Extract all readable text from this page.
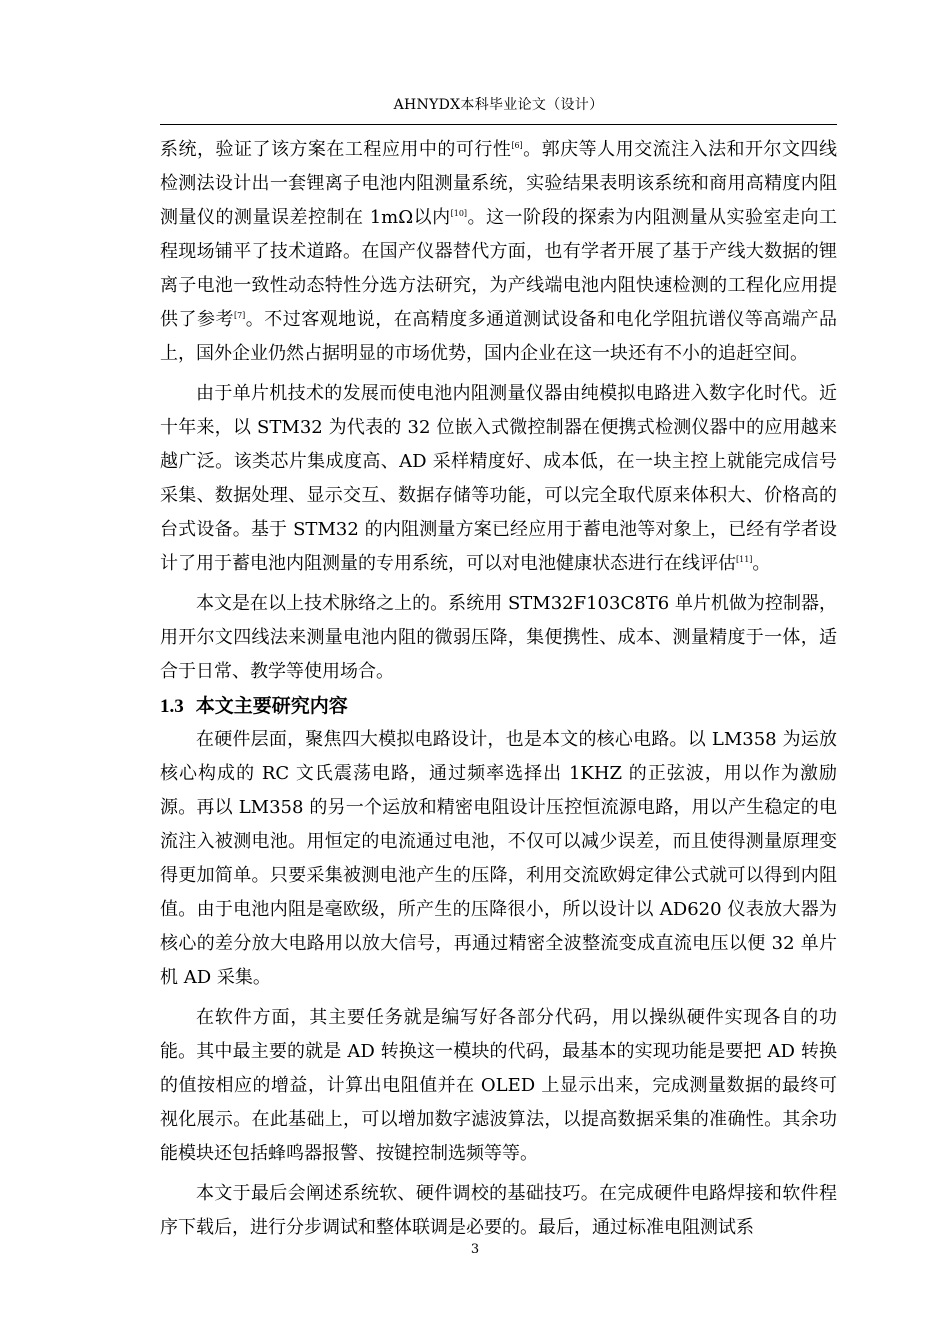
AHNYDX本科毕业论文（设计）

系统，验证了该方案在工程应用中的可行性[6]。郭庆等人用交流注入法和开尔文四线检测法设计出一套锂离子电池内阻测量系统，实验结果表明该系统和商用高精度内阻测量仪的测量误差控制在 1mΩ以内[10]。这一阶段的探索为内阻测量从实验室走向工程现场铺平了技术道路。在国产仪器替代方面，也有学者开展了基于产线大数据的锂离子电池一致性动态特性分选方法研究，为产线端电池内阻快速检测的工程化应用提供了参考[7]。不过客观地说，在高精度多通道测试设备和电化学阻抗谱仪等高端产品上，国外企业仍然占据明显的市场优势，国内企业在这一块还有不小的追赶空间。

由于单片机技术的发展而使电池内阻测量仪器由纯模拟电路进入数字化时代。近十年来，以 STM32 为代表的 32 位嵌入式微控制器在便携式检测仪器中的应用越来越广泛。该类芯片集成度高、AD 采样精度好、成本低，在一块主控上就能完成信号采集、数据处理、显示交互、数据存储等功能，可以完全取代原来体积大、价格高的台式设备。基于 STM32 的内阻测量方案已经应用于蓄电池等对象上，已经有学者设计了用于蓄电池内阻测量的专用系统，可以对电池健康状态进行在线评估[11]。

本文是在以上技术脉络之上的。系统用 STM32F103C8T6 单片机做为控制器，用开尔文四线法来测量电池内阻的微弱压降，集便携性、成本、测量精度于一体，适合于日常、教学等使用场合。

1.3 本文主要研究内容

在硬件层面，聚焦四大模拟电路设计，也是本文的核心电路。以 LM358 为运放核心构成的 RC 文氏震荡电路，通过频率选择出 1KHZ 的正弦波，用以作为激励源。再以 LM358 的另一个运放和精密电阻设计压控恒流源电路，用以产生稳定的电流注入被测电池。用恒定的电流通过电池，不仅可以减少误差，而且使得测量原理变得更加简单。只要采集被测电池产生的压降，利用交流欧姆定律公式就可以得到内阻值。由于电池内阻是毫欧级，所产生的压降很小，所以设计以 AD620 仪表放大器为核心的差分放大电路用以放大信号，再通过精密全波整流变成直流电压以便 32 单片机 AD 采集。

在软件方面，其主要任务就是编写好各部分代码，用以操纵硬件实现各自的功能。其中最主要的就是 AD 转换这一模块的代码，最基本的实现功能是要把 AD 转换的值按相应的增益，计算出电阻值并在 OLED 上显示出来，完成测量数据的最终可视化展示。在此基础上，可以增加数字滤波算法，以提高数据采集的准确性。其余功能模块还包括蜂鸣器报警、按键控制选频等等。

本文于最后会阐述系统软、硬件调校的基础技巧。在完成硬件电路焊接和软件程序下载后，进行分步调试和整体联调是必要的。最后，通过标准电阻测试系

3
